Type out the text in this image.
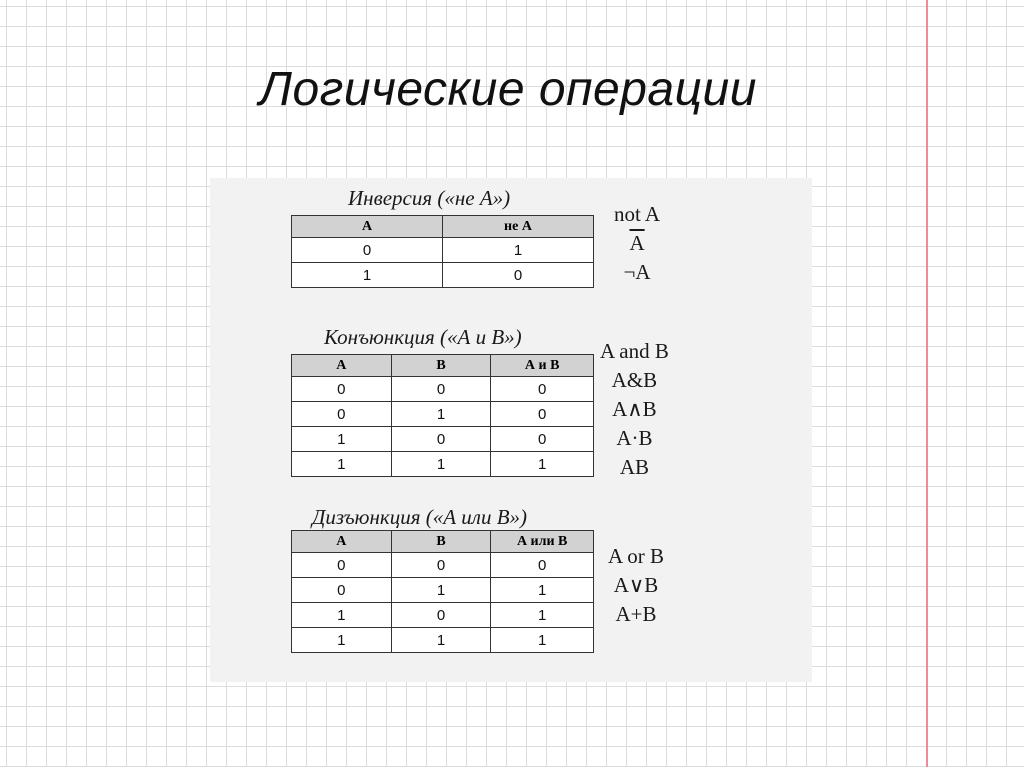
Логические операции
Инверсия («не А»)
А	не А
0	1
1	0
not A
$\overline{A}$
¬A
Конъюнкция («А и В»)
А	В	А и В
0	0	0
0	1	0
1	0	0
1	1	1
A and B
A&B
A∧B
A·B
AB
Дизъюнкция («А или В»)
А	В	А или В
0	0	0
0	1	1
1	0	1
1	1	1
A or B
A∨B
A+B
